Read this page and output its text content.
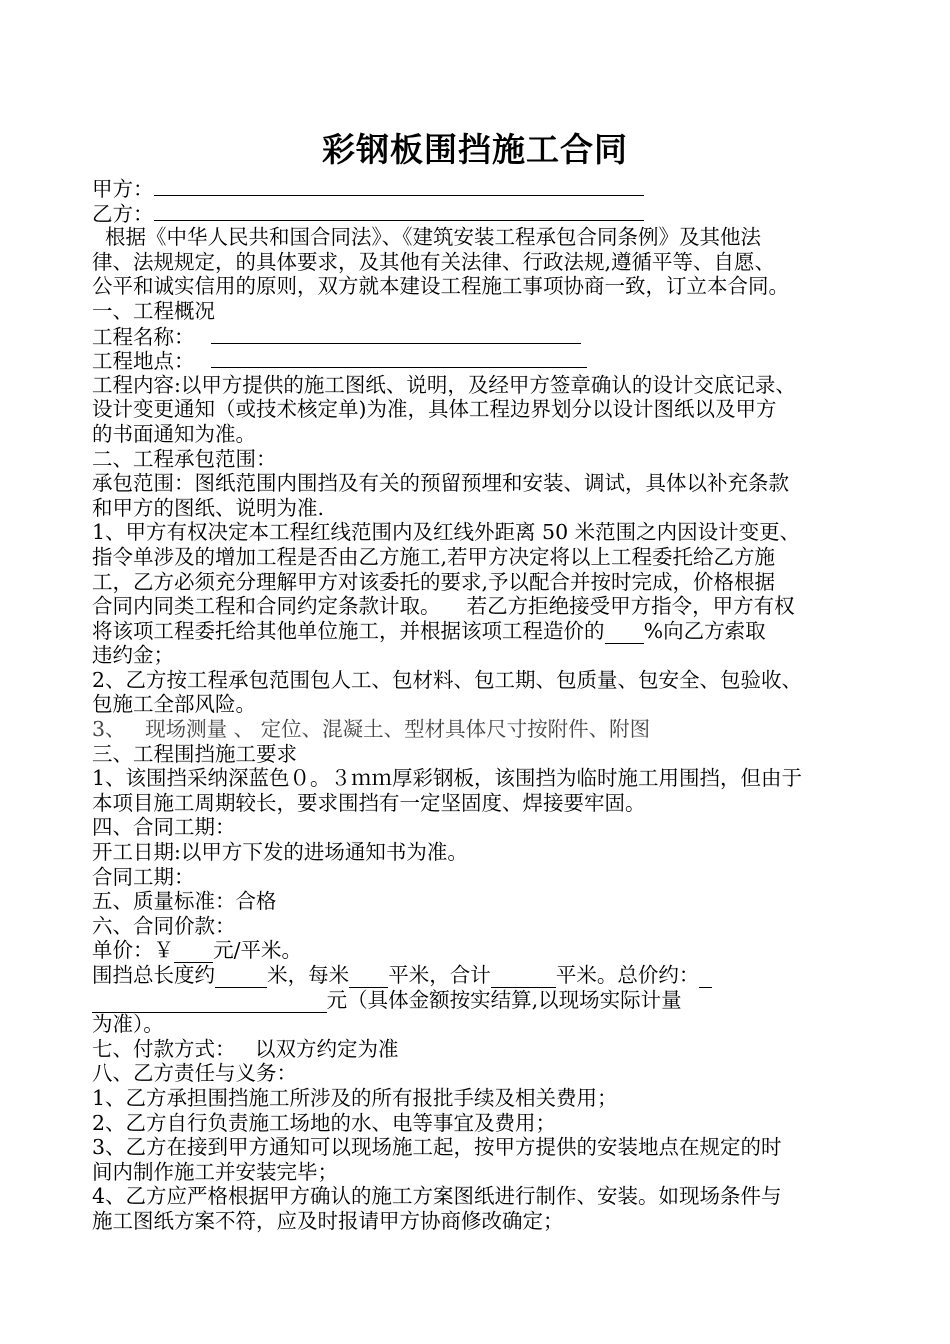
彩钢板围挡施工合同
甲方：
乙方：
根据《中华人民共和国合同法》、《建筑安装工程承包合同条例》及其他法
律、法规规定，的具体要求，及其他有关法律、行政法规,遵循平等、自愿、
公平和诚实信用的原则，双方就本建设工程施工事项协商一致，订立本合同。
一、工程概况
工程名称：
工程地点：
工程内容:以甲方提供的施工图纸、说明，及经甲方签章确认的设计交底记录、
设计变更通知（或技术核定单)为准，具体工程边界划分以设计图纸以及甲方
的书面通知为准。
二、工程承包范围：
承包范围：图纸范围内围挡及有关的预留预埋和安装、调试，具体以补充条款
和甲方的图纸、说明为准.
1、甲方有权决定本工程红线范围内及红线外距离 50 米范围之内因设计变更、
指令单涉及的增加工程是否由乙方施工,若甲方决定将以上工程委托给乙方施
工，乙方必须充分理解甲方对该委托的要求,予以配合并按时完成，价格根据
合同内同类工程和合同约定条款计取。    若乙方拒绝接受甲方指令，甲方有权
将该项工程委托给其他单位施工，并根据该项工程造价的 %向乙方索取
违约金；
2、乙方按工程承包范围包人工、包材料、包工期、包质量、包安全、包验收、
包施工全部风险。
3、   现场测量 、 定位、混凝土、型材具体尺寸按附件、附图
三、工程围挡施工要求
1、该围挡采纳深蓝色０。３ｍｍ厚彩钢板，该围挡为临时施工用围挡，但由于
本项目施工周期较长，要求围挡有一定坚固度、焊接要牢固。
四、合同工期：
开工日期:以甲方下发的进场通知书为准。
合同工期：
五、质量标准：合格
六、合同价款：
单价：￥ 元/平米。
围挡总长度约	米，每米 平米，合计	平米。总价约：
元（具体金额按实结算,以现场实际计量
为准）。
七、付款方式：   以双方约定为准
八、乙方责任与义务：
1、乙方承担围挡施工所涉及的所有报批手续及相关费用；
2、乙方自行负责施工场地的水、电等事宜及费用；
3、乙方在接到甲方通知可以现场施工起，按甲方提供的安装地点在规定的时
间内制作施工并安装完毕；
4、乙方应严格根据甲方确认的施工方案图纸进行制作、安装。如现场条件与
施工图纸方案不符，应及时报请甲方协商修改确定；
